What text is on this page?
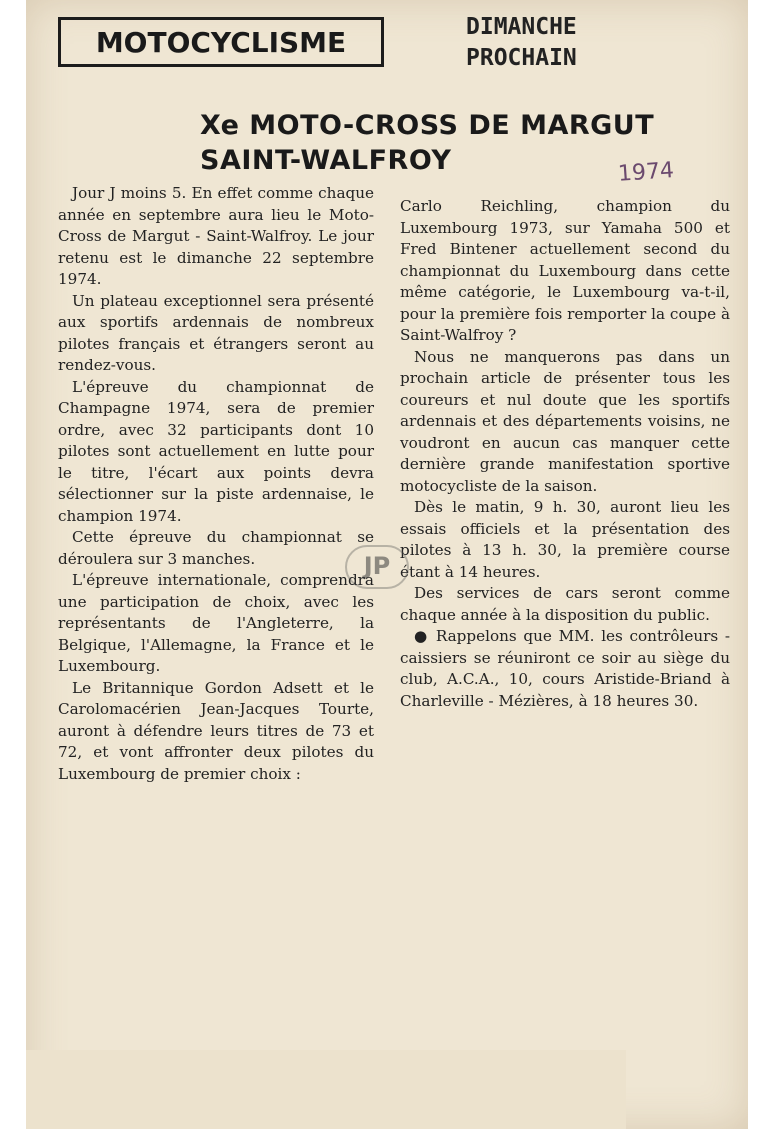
MOTOCYCLISME	DIMANCHE
PROCHAIN
Xe MOTO-CROSS DE MARGUT
SAINT-WALFROY	1974

Jour J moins 5. En effet comme chaque année en septembre aura lieu le Moto-Cross de Margut - Saint-Walfroy. Le jour retenu est le dimanche 22 septembre 1974.

Un plateau exceptionnel sera présenté aux sportifs ardennais de nombreux pilotes français et étrangers seront au rendez-vous.

L'épreuve du championnat de Champagne 1974, sera de premier ordre, avec 32 participants dont 10 pilotes sont actuellement en lutte pour le titre, l'écart aux points devra sélectionner sur la piste ardennaise, le champion 1974.

Cette épreuve du championnat se déroulera sur 3 manches.

L'épreuve internationale, comprendra une participation de choix, avec les représentants de l'Angleterre, la Belgique, l'Allemagne, la France et le Luxembourg.

Le Britannique Gordon Adsett et le Carolomacérien Jean-Jacques Tourte, auront à défendre leurs titres de 73 et 72, et vont affronter deux pilotes du Luxembourg de premier choix :

Carlo Reichling, champion du Luxembourg 1973, sur Yamaha 500 et Fred Bintener actuellement second du championnat du Luxembourg dans cette même catégorie, le Luxembourg va-t-il, pour la première fois remporter la coupe à Saint-Walfroy ?

Nous ne manquerons pas dans un prochain article de présenter tous les coureurs et nul doute que les sportifs ardennais et des départements voisins, ne voudront en aucun cas manquer cette dernière grande manifestation sportive motocycliste de la saison.

Dès le matin, 9 h. 30, auront lieu les essais officiels et la présentation des pilotes à 13 h. 30, la première course étant à 14 heures.

Des services de cars seront comme chaque année à la disposition du public.

● Rappelons que MM. les contrôleurs - caissiers se réuniront ce soir au siège du club, A.C.A., 10, cours Aristide-Briand à Charleville - Mézières, à 18 heures 30.

JP
